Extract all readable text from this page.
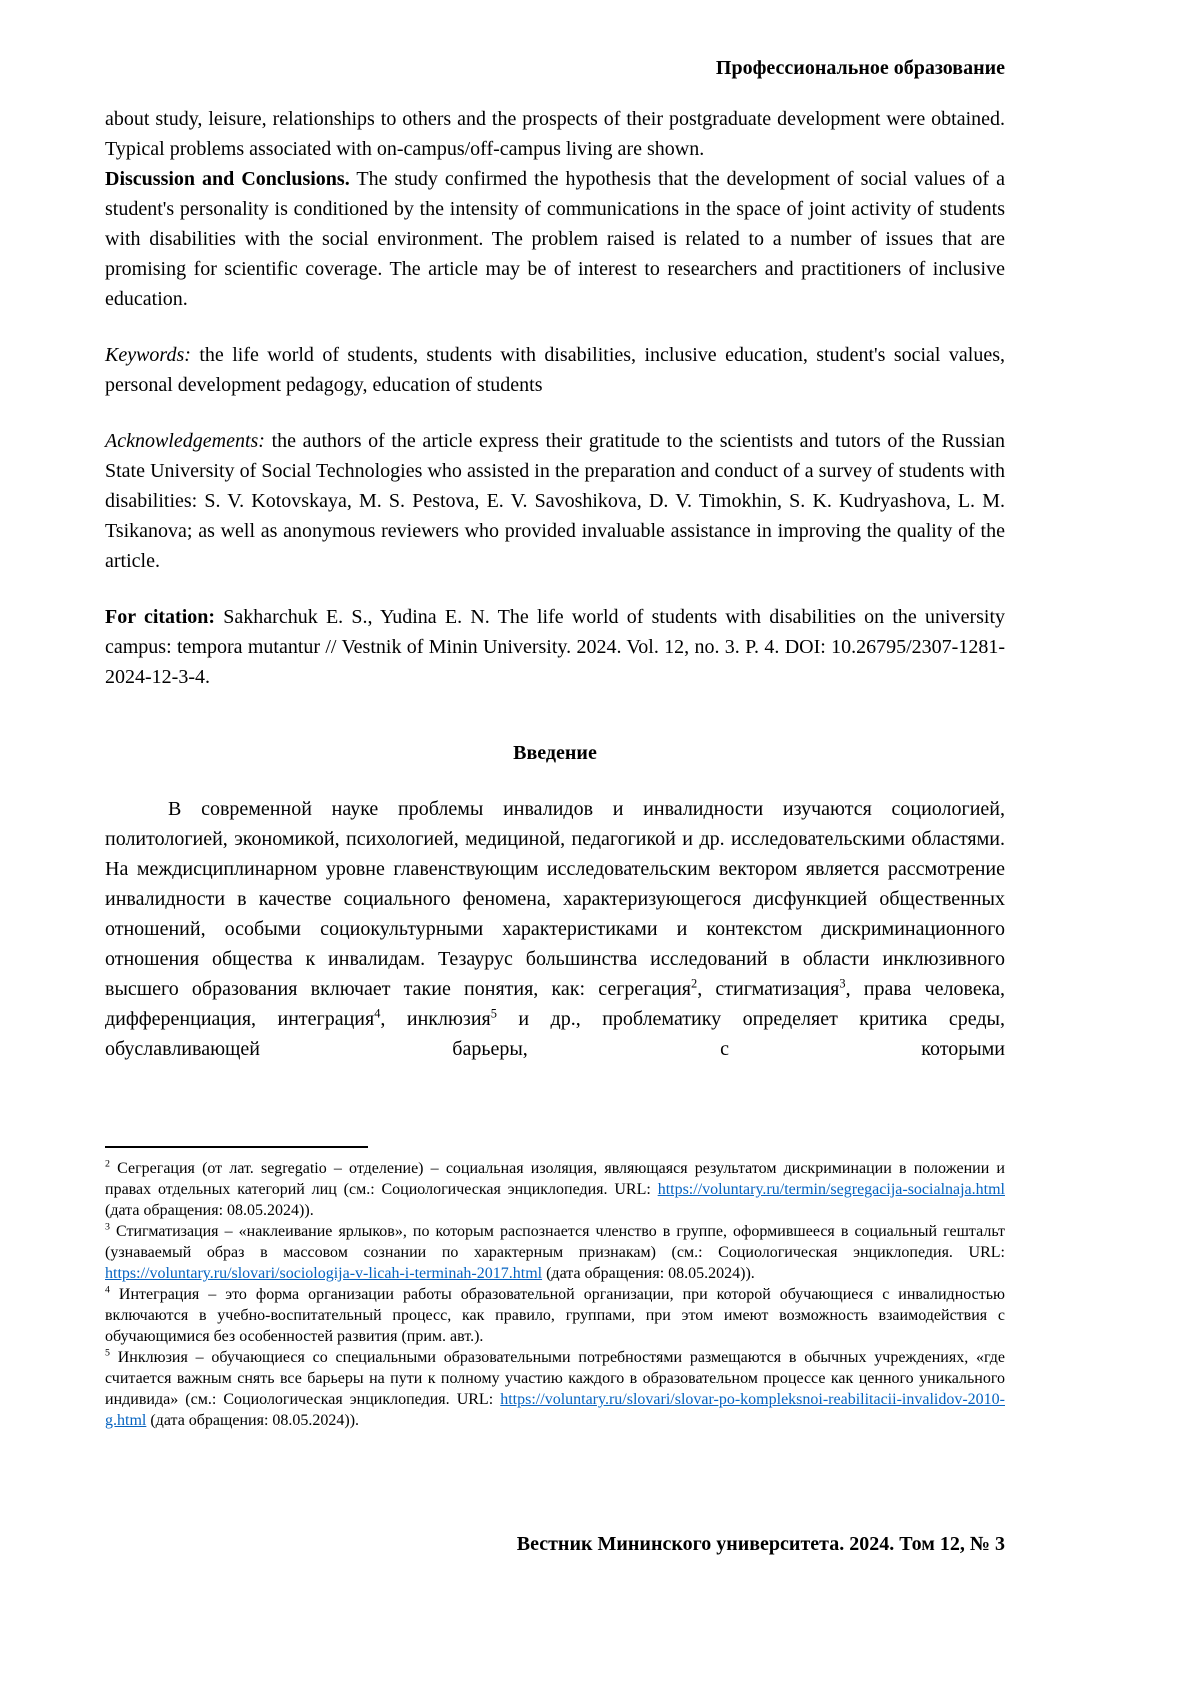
Профессиональное образование

about study, leisure, relationships to others and the prospects of their postgraduate development were obtained. Typical problems associated with on-campus/off-campus living are shown.

Discussion and Conclusions. The study confirmed the hypothesis that the development of social values of a student's personality is conditioned by the intensity of communications in the space of joint activity of students with disabilities with the social environment. The problem raised is related to a number of issues that are promising for scientific coverage. The article may be of interest to researchers and practitioners of inclusive education.

Keywords: the life world of students, students with disabilities, inclusive education, student's social values, personal development pedagogy, education of students

Acknowledgements: the authors of the article express their gratitude to the scientists and tutors of the Russian State University of Social Technologies who assisted in the preparation and conduct of a survey of students with disabilities: S. V. Kotovskaya, M. S. Pestova, E. V. Savoshikova, D. V. Timokhin, S. K. Kudryashova, L. M. Tsikanova; as well as anonymous reviewers who provided invaluable assistance in improving the quality of the article.

For citation: Sakharchuk E. S., Yudina E. N. The life world of students with disabilities on the university campus: tempora mutantur // Vestnik of Minin University. 2024. Vol. 12, no. 3. P. 4. DOI: 10.26795/2307-1281-2024-12-3-4.

Введение

В современной науке проблемы инвалидов и инвалидности изучаются социологией, политологией, экономикой, психологией, медициной, педагогикой и др. исследовательскими областями. На междисциплинарном уровне главенствующим исследовательским вектором является рассмотрение инвалидности в качестве социального феномена, характеризующегося дисфункцией общественных отношений, особыми социокультурными характеристиками и контекстом дискриминационного отношения общества к инвалидам. Тезаурус большинства исследований в области инклюзивного высшего образования включает такие понятия, как: сегрегация$^2$, стигматизация$^3$, права человека, дифференциация, интеграция$^4$, инклюзия$^5$ и др., проблематику определяет критика среды, обуславливающей барьеры, с которыми

$^2$ Сегрегация (от лат. segregatio – отделение) – социальная изоляция, являющаяся результатом дискриминации в положении и правах отдельных категорий лиц (см.: Социологическая энциклопедия. URL: https://voluntary.ru/termin/segregacija-socialnaja.html (дата обращения: 08.05.2024)).

$^3$ Стигматизация – «наклеивание ярлыков», по которым распознается членство в группе, оформившееся в социальный гештальт (узнаваемый образ в массовом сознании по характерным признакам) (см.: Социологическая энциклопедия. URL: https://voluntary.ru/slovari/sociologija-v-licah-i-terminah-2017.html (дата обращения: 08.05.2024)).

$^4$ Интеграция – это форма организации работы образовательной организации, при которой обучающиеся с инвалидностью включаются в учебно-воспитательный процесс, как правило, группами, при этом имеют возможность взаимодействия с обучающимися без особенностей развития (прим. авт.).

$^5$ Инклюзия – обучающиеся со специальными образовательными потребностями размещаются в обычных учреждениях, «где считается важным снять все барьеры на пути к полному участию каждого в образовательном процессе как ценного уникального индивида» (см.: Социологическая энциклопедия. URL: https://voluntary.ru/slovari/slovar-po-kompleksnoi-reabilitacii-invalidov-2010-g.html (дата обращения: 08.05.2024)).

Вестник Мининского университета. 2024. Том 12, № 3
